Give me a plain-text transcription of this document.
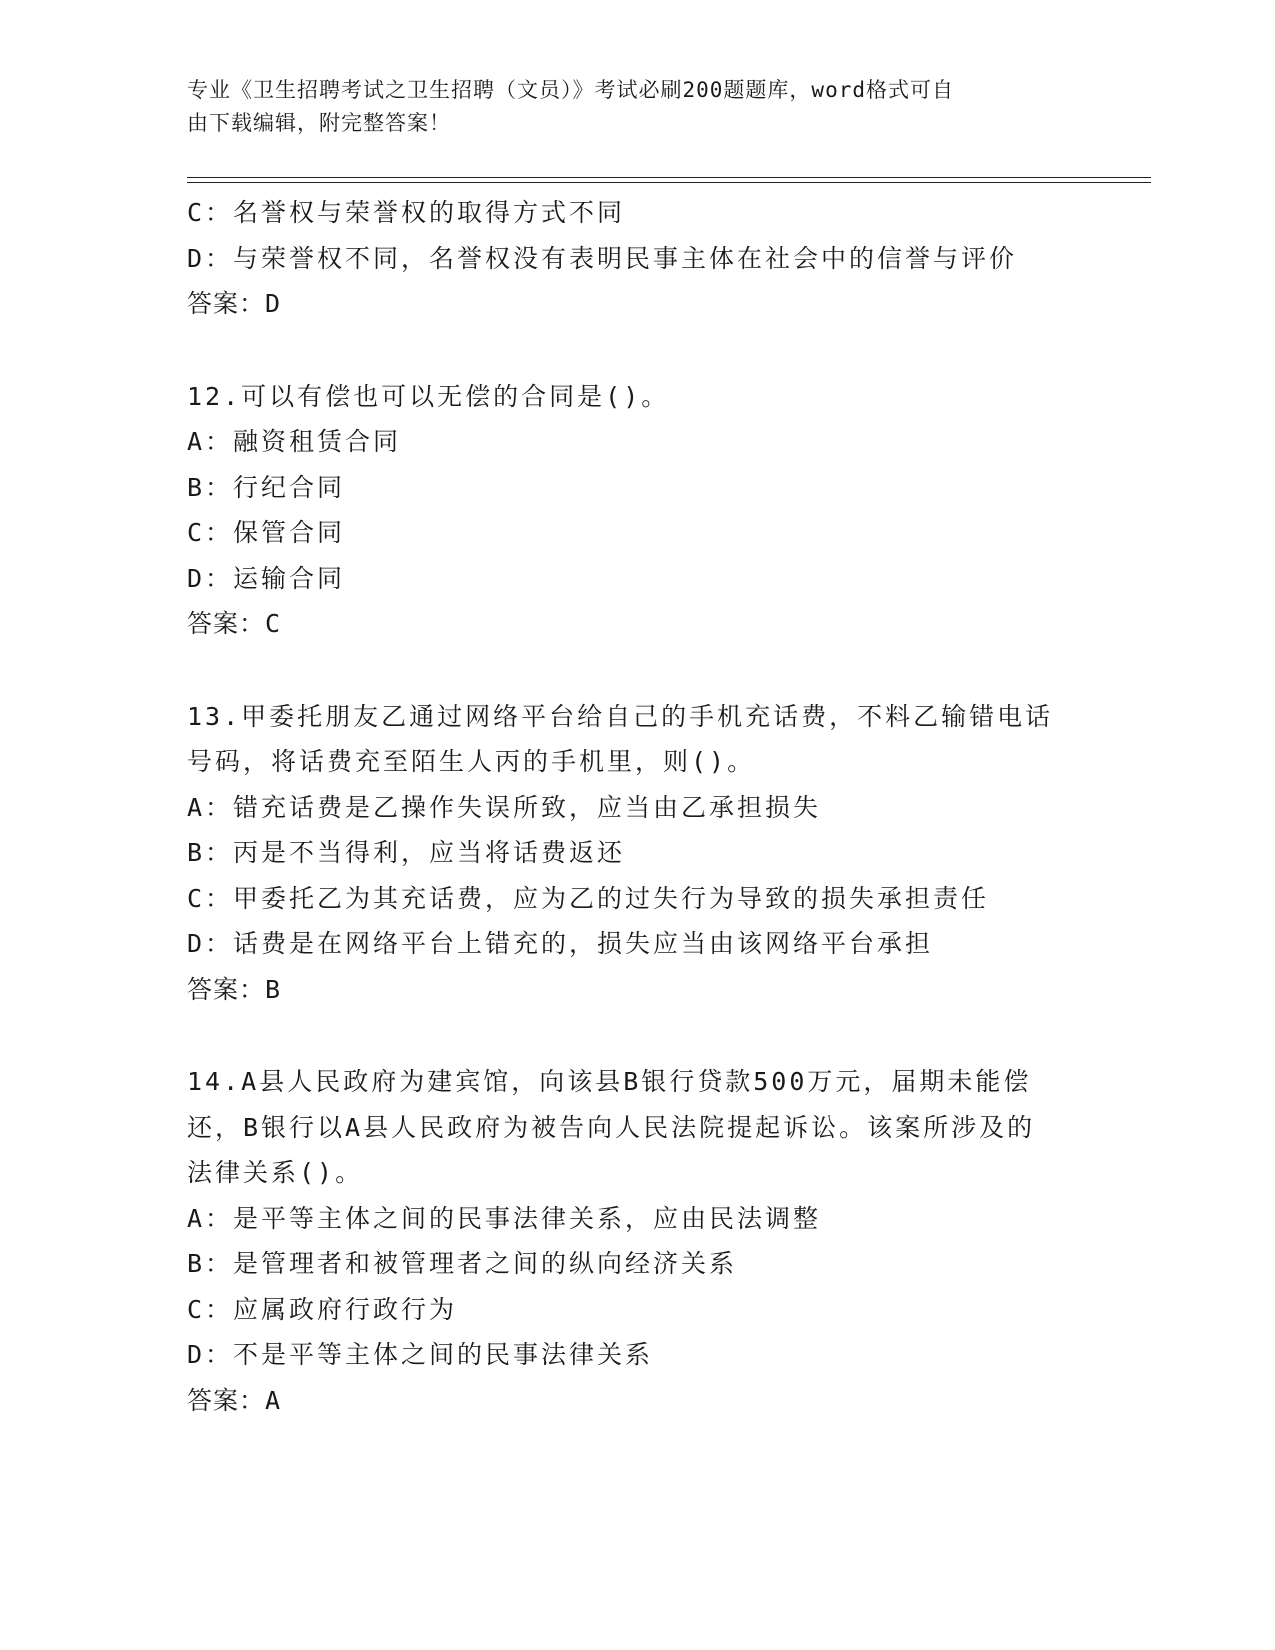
专业《卫生招聘考试之卫生招聘（文员）》考试必刷200题题库，word格式可自
由下载编辑，附完整答案！
C：名誉权与荣誉权的取得方式不同
D：与荣誉权不同，名誉权没有表明民事主体在社会中的信誉与评价
答案：D
12.可以有偿也可以无偿的合同是()。
A：融资租赁合同
B：行纪合同
C：保管合同
D：运输合同
答案：C
13.甲委托朋友乙通过网络平台给自己的手机充话费，不料乙输错电话
号码，将话费充至陌生人丙的手机里，则()。
A：错充话费是乙操作失误所致，应当由乙承担损失
B：丙是不当得利，应当将话费返还
C：甲委托乙为其充话费，应为乙的过失行为导致的损失承担责任
D：话费是在网络平台上错充的，损失应当由该网络平台承担
答案：B
14.A县人民政府为建宾馆，向该县B银行贷款500万元，届期未能偿
还，B银行以A县人民政府为被告向人民法院提起诉讼。该案所涉及的
法律关系()。
A：是平等主体之间的民事法律关系，应由民法调整
B：是管理者和被管理者之间的纵向经济关系
C：应属政府行政行为
D：不是平等主体之间的民事法律关系
答案：A
